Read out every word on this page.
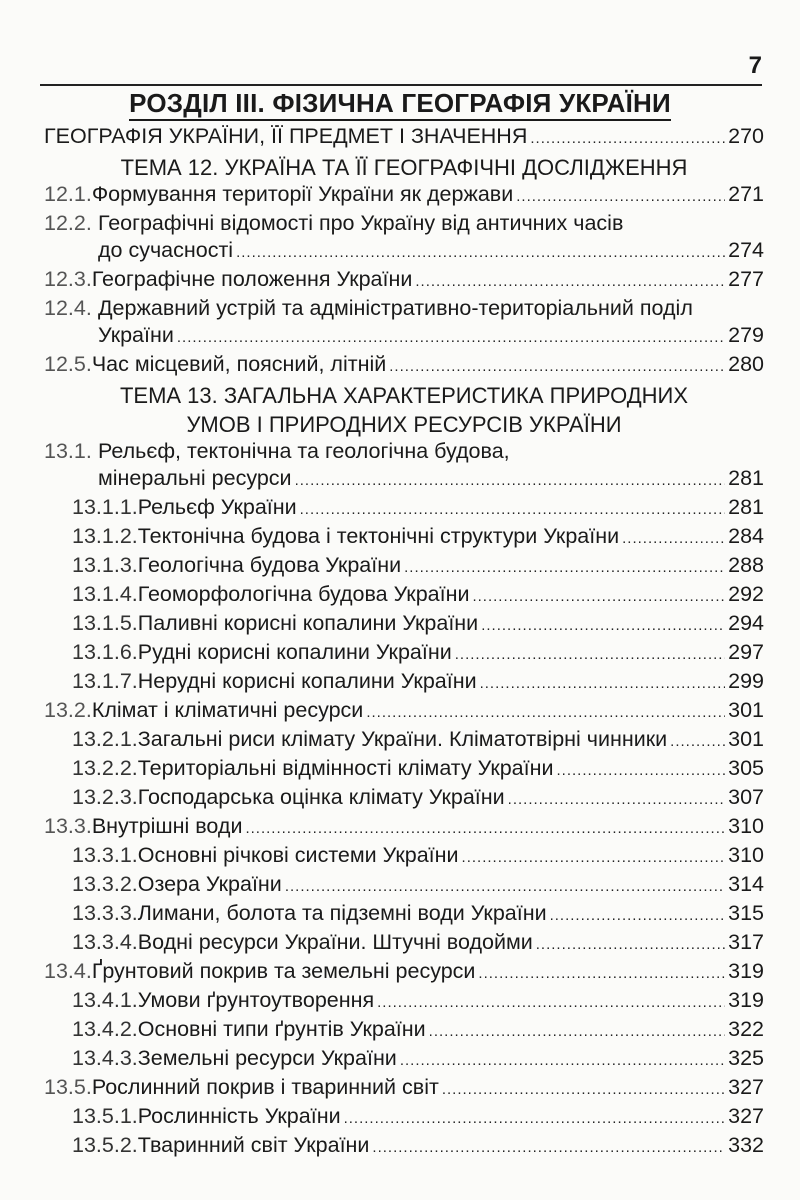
7
РОЗДІЛ ІІІ. ФІЗИЧНА ГЕОГРАФІЯ УКРАЇНИ
ГЕОГРАФІЯ УКРАЇНИ, ЇЇ ПРЕДМЕТ І ЗНАЧЕННЯ .....	270
ТЕМА 12. УКРАЇНА ТА ЇЇ ГЕОГРАФІЧНІ ДОСЛІДЖЕННЯ
12.1. Формування території України як держави .....	271
12.2. Географічні відомості про Україну від античних часів
до сучасності .....	274
12.3. Географічне положення України .....	277
12.4. Державний устрій та адміністративно-територіальний поділ
України .....	279
12.5. Час місцевий, поясний, літній .....	280
ТЕМА 13. ЗАГАЛЬНА ХАРАКТЕРИСТИКА ПРИРОДНИХ
УМОВ І ПРИРОДНИХ РЕСУРСІВ УКРАЇНИ
13.1. Рельєф, тектонічна та геологічна будова,
мінеральні ресурси .....	281
13.1.1. Рельєф України .....	281
13.1.2. Тектонічна будова і тектонічні структури України .....	284
13.1.3. Геологічна будова України .....	288
13.1.4. Геоморфологічна будова України .....	292
13.1.5. Паливні корисні копалини України .....	294
13.1.6. Рудні корисні копалини України .....	297
13.1.7. Нерудні корисні копалини України .....	299
13.2. Клімат і кліматичні ресурси .....	301
13.2.1. Загальні риси клімату України. Кліматотвірні чинники .....	301
13.2.2. Територіальні відмінності клімату України .....	305
13.2.3. Господарська оцінка клімату України .....	307
13.3. Внутрішні води .....	310
13.3.1. Основні річкові системи України .....	310
13.3.2. Озера України .....	314
13.3.3. Лимани, болота та підземні води України .....	315
13.3.4. Водні ресурси України. Штучні водойми .....	317
13.4. Ґрунтовий покрив та земельні ресурси .....	319
13.4.1. Умови ґрунтоутворення .....	319
13.4.2. Основні типи ґрунтів України .....	322
13.4.3. Земельні ресурси України .....	325
13.5. Рослинний покрив і тваринний світ .....	327
13.5.1. Рослинність України .....	327
13.5.2. Тваринний світ України .....	332
